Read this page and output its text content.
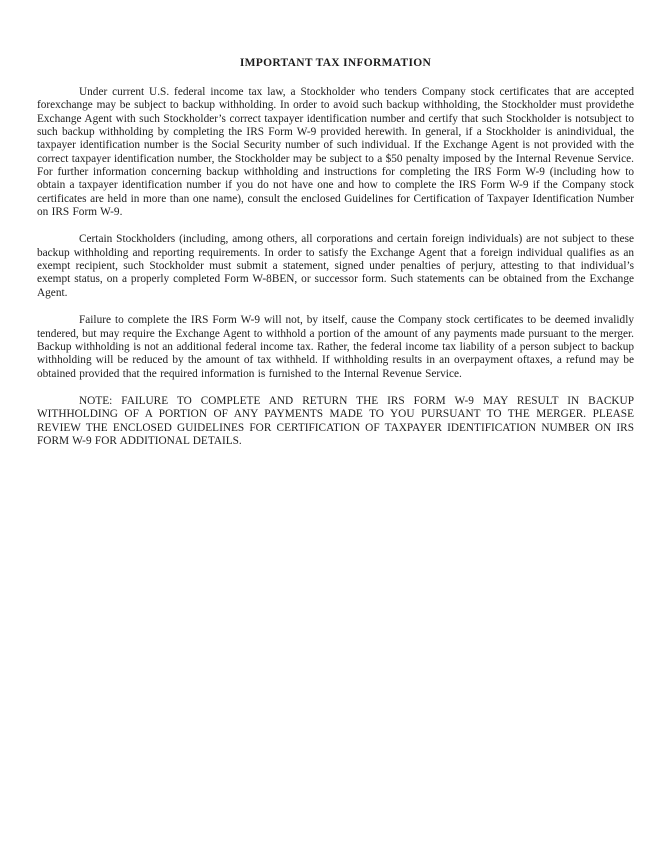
IMPORTANT TAX INFORMATION

Under current U.S. federal income tax law, a Stockholder who tenders Company stock certificates that are accepted forexchange may be subject to backup withholding. In order to avoid such backup withholding, the Stockholder must providethe Exchange Agent with such Stockholder’s correct taxpayer identification number and certify that such Stockholder is notsubject to such backup withholding by completing the IRS Form W-9 provided herewith. In general, if a Stockholder is anindividual, the taxpayer identification number is the Social Security number of such individual. If the Exchange Agent is not provided with the correct taxpayer identification number, the Stockholder may be subject to a $50 penalty imposed by the Internal Revenue Service. For further information concerning backup withholding and instructions for completing the IRS Form W-9 (including how to obtain a taxpayer identification number if you do not have one and how to complete the IRS Form W-9 if the Company stock certificates are held in more than one name), consult the enclosed Guidelines for Certification of Taxpayer Identification Number on IRS Form W-9.

Certain Stockholders (including, among others, all corporations and certain foreign individuals) are not subject to these backup withholding and reporting requirements. In order to satisfy the Exchange Agent that a foreign individual qualifies as an exempt recipient, such Stockholder must submit a statement, signed under penalties of perjury, attesting to that individual’s exempt status, on a properly completed Form W-8BEN, or successor form. Such statements can be obtained from the Exchange Agent.

Failure to complete the IRS Form W-9 will not, by itself, cause the Company stock certificates to be deemed invalidly tendered, but may require the Exchange Agent to withhold a portion of the amount of any payments made pursuant to the merger. Backup withholding is not an additional federal income tax. Rather, the federal income tax liability of a person subject to backup withholding will be reduced by the amount of tax withheld. If withholding results in an overpayment oftaxes, a refund may be obtained provided that the required information is furnished to the Internal Revenue Service.

NOTE: FAILURE TO COMPLETE AND RETURN THE IRS FORM W-9 MAY RESULT IN BACKUP WITHHOLDING OF A PORTION OF ANY PAYMENTS MADE TO YOU PURSUANT TO THE MERGER. PLEASE REVIEW THE ENCLOSED GUIDELINES FOR CERTIFICATION OF TAXPAYER IDENTIFICATION NUMBER ON IRS FORM W-9 FOR ADDITIONAL DETAILS.
